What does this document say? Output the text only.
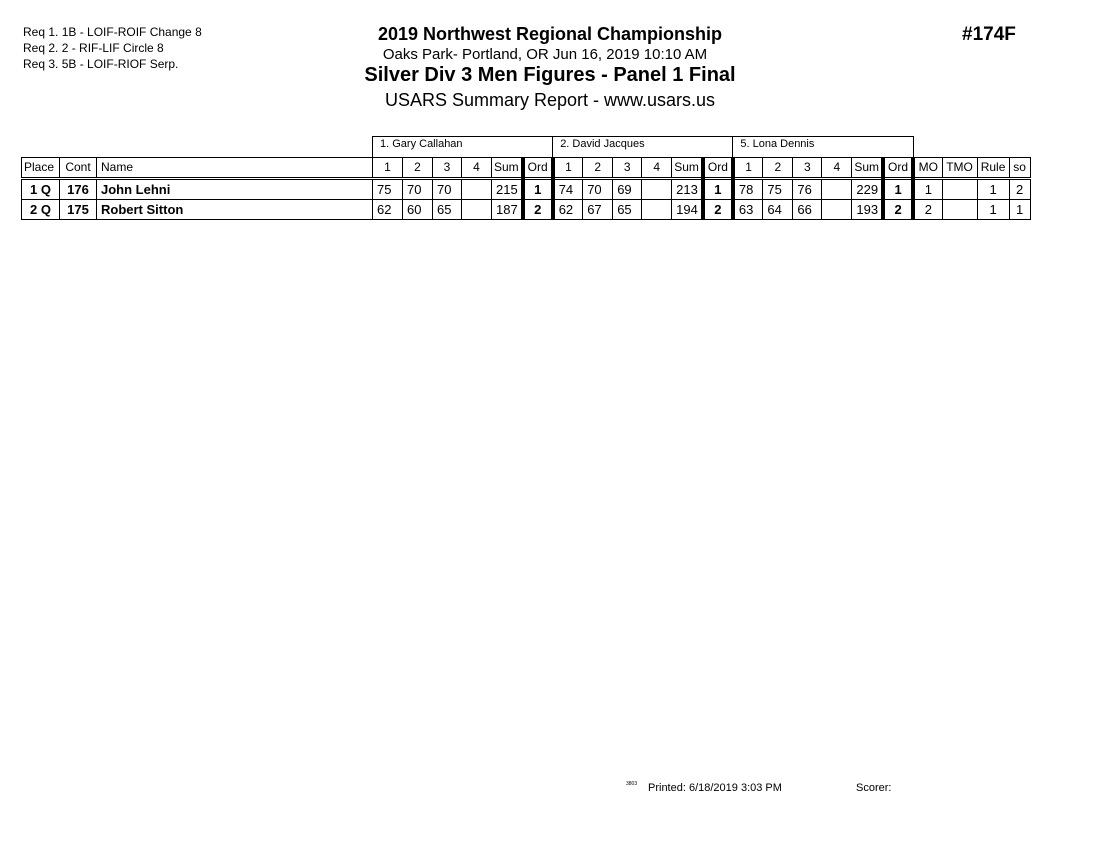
Req 1. 1B - LOIF-ROIF Change 8
Req 2. 2 - RIF-LIF Circle 8
Req 3. 5B - LOIF-RIOF Serp.
2019 Northwest Regional Championship
Oaks Park- Portland, OR Jun 16, 2019 10:10 AM
Silver Div 3 Men Figures - Panel 1 Final
USARS Summary Report - www.usars.us
#174F
			1. Gary Callahan						2. David Jacques						5. Lona Dennis									
Place	Cont	Name	1	2	3	4	Sum	Ord	1	2	3	4	Sum	Ord	1	2	3	4	Sum	Ord	MO	TMO	Rule	so
1 Q	176	John Lehni	75	70	70		215	1	74	70	69		213	1	78	75	76		229	1	1		1	2
2 Q	175	Robert Sitton	62	60	65		187	2	62	67	65		194	2	63	64	66		193	2	2		1	1
3803 Printed: 6/18/2019 3:03 PM	Scorer:
